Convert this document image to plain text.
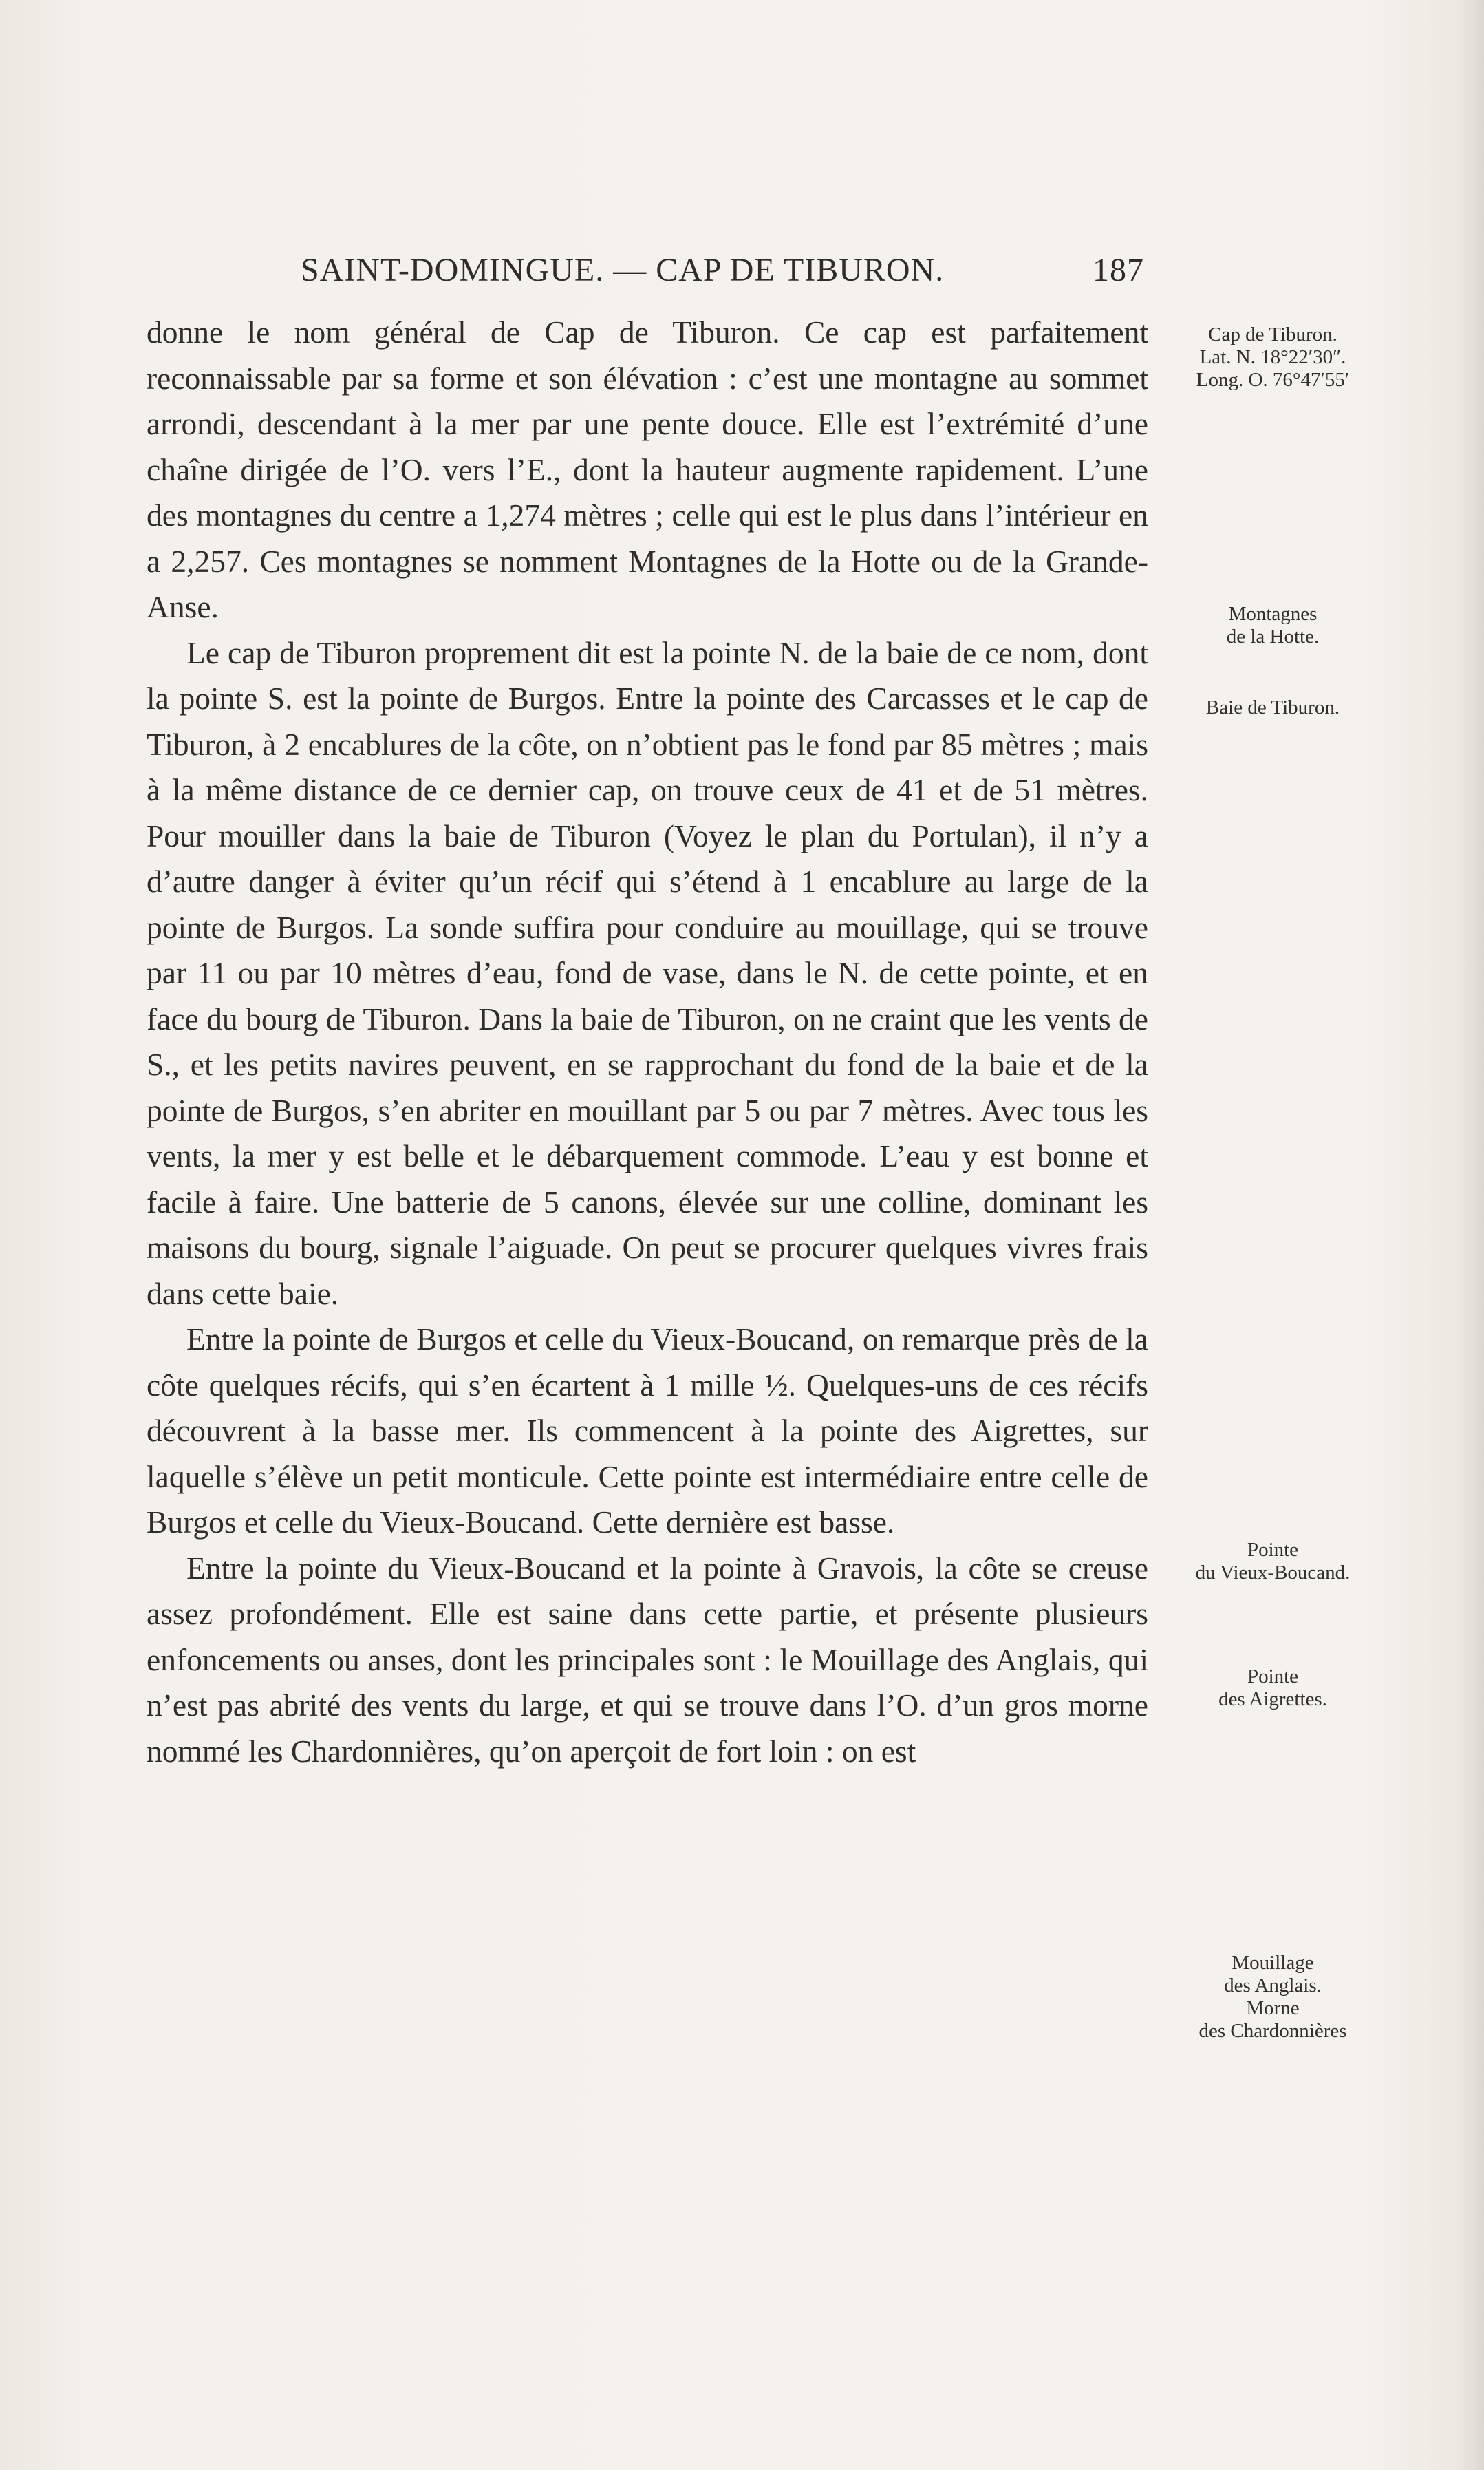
SAINT-DOMINGUE. — CAP DE TIBURON.	187

donne le nom général de Cap de Tiburon. Ce cap est parfaitement reconnaissable par sa forme et son élévation : c’est une montagne au sommet arrondi, descendant à la mer par une pente douce. Elle est l’extrémité d’une chaîne dirigée de l’O. vers l’E., dont la hauteur augmente rapidement. L’une des montagnes du centre a 1,274 mètres ; celle qui est le plus dans l’intérieur en a 2,257. Ces montagnes se nomment Montagnes de la Hotte ou de la Grande-Anse.

Le cap de Tiburon proprement dit est la pointe N. de la baie de ce nom, dont la pointe S. est la pointe de Burgos. Entre la pointe des Carcasses et le cap de Tiburon, à 2 encablures de la côte, on n’obtient pas le fond par 85 mètres ; mais à la même distance de ce dernier cap, on trouve ceux de 41 et de 51 mètres. Pour mouiller dans la baie de Tiburon (Voyez le plan du Portulan), il n’y a d’autre danger à éviter qu’un récif qui s’étend à 1 encablure au large de la pointe de Burgos. La sonde suffira pour conduire au mouillage, qui se trouve par 11 ou par 10 mètres d’eau, fond de vase, dans le N. de cette pointe, et en face du bourg de Tiburon. Dans la baie de Tiburon, on ne craint que les vents de S., et les petits navires peuvent, en se rapprochant du fond de la baie et de la pointe de Burgos, s’en abriter en mouillant par 5 ou par 7 mètres. Avec tous les vents, la mer y est belle et le débarquement commode. L’eau y est bonne et facile à faire. Une batterie de 5 canons, élevée sur une colline, dominant les maisons du bourg, signale l’aiguade. On peut se procurer quelques vivres frais dans cette baie.

Entre la pointe de Burgos et celle du Vieux-Boucand, on remarque près de la côte quelques récifs, qui s’en écartent à 1 mille ½. Quelques-uns de ces récifs découvrent à la basse mer. Ils commencent à la pointe des Aigrettes, sur laquelle s’élève un petit monticule. Cette pointe est intermédiaire entre celle de Burgos et celle du Vieux-Boucand. Cette dernière est basse.

Entre la pointe du Vieux-Boucand et la pointe à Gravois, la côte se creuse assez profondément. Elle est saine dans cette partie, et présente plusieurs enfoncements ou anses, dont les principales sont : le Mouillage des Anglais, qui n’est pas abrité des vents du large, et qui se trouve dans l’O. d’un gros morne nommé les Chardonnières, qu’on aperçoit de fort loin : on est

Cap de Tiburon.
Lat. N. 18°22′30″.
Long. O. 76°47′55′
Montagnes
de la Hotte.
Baie de Tiburon.
Pointe
du Vieux-Boucand.
Pointe
des Aigrettes.
Mouillage
des Anglais.
Morne
des Chardonnières
